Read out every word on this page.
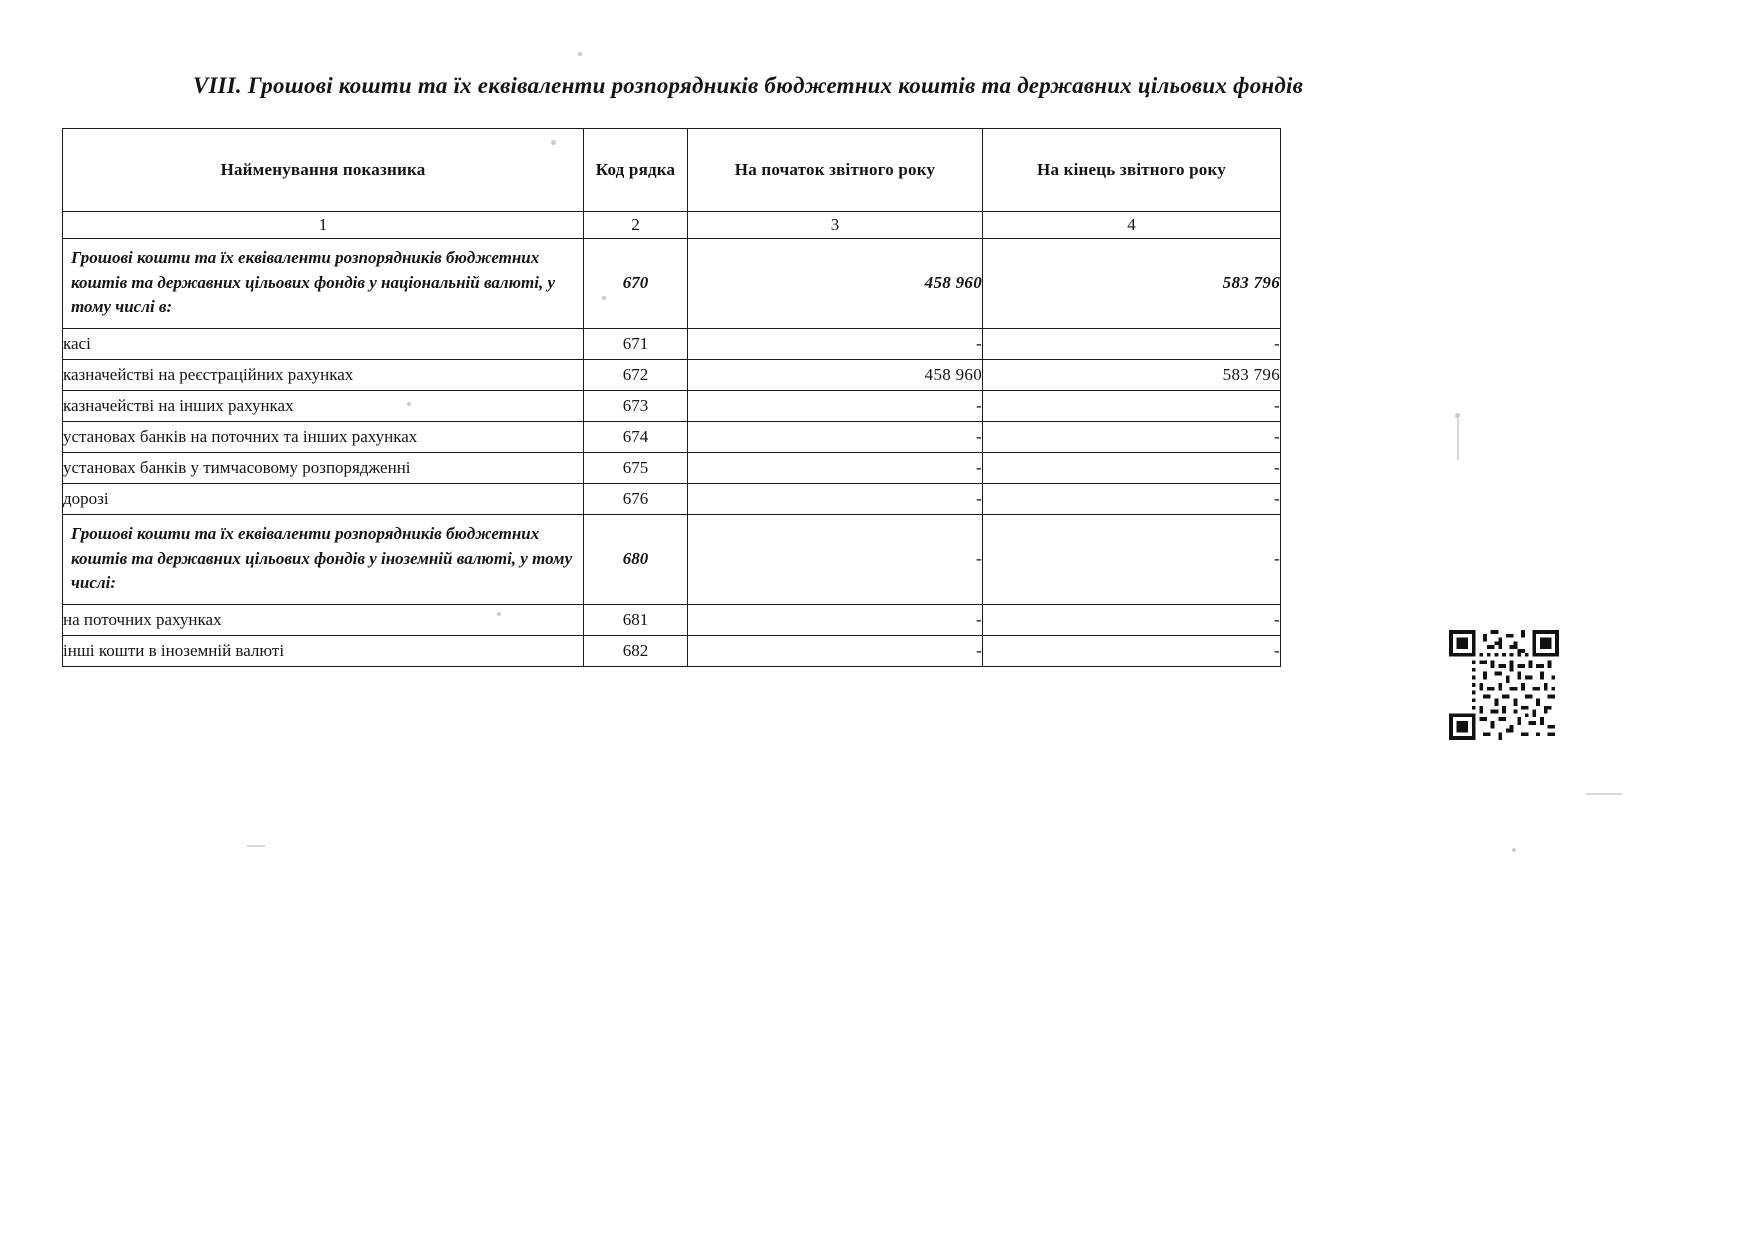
VIII. Грошові кошти та їх еквіваленти розпорядників бюджетних коштів та державних цільових фондів
Найменування показника	Код рядка	На початок звітного року	На кінець звітного року
1	2	3	4
Грошові кошти та їх еквіваленти розпорядників бюджетних коштів та державних цільових фондів у національній валюті, у тому числі в:	670	458 960	583 796
касі	671	-	-
казначействі на реєстраційних рахунках	672	458 960	583 796
казначействі на інших рахунках	673	-	-
установах банків на поточних та інших рахунках	674	-	-
установах банків у тимчасовому розпорядженні	675	-	-
дорозі	676	-	-
Грошові кошти та їх еквіваленти розпорядників бюджетних коштів та державних цільових фондів у іноземній валюті, у тому числі:	680	-	-
на поточних рахунках	681	-	-
інші кошти в іноземній валюті	682	-	-
